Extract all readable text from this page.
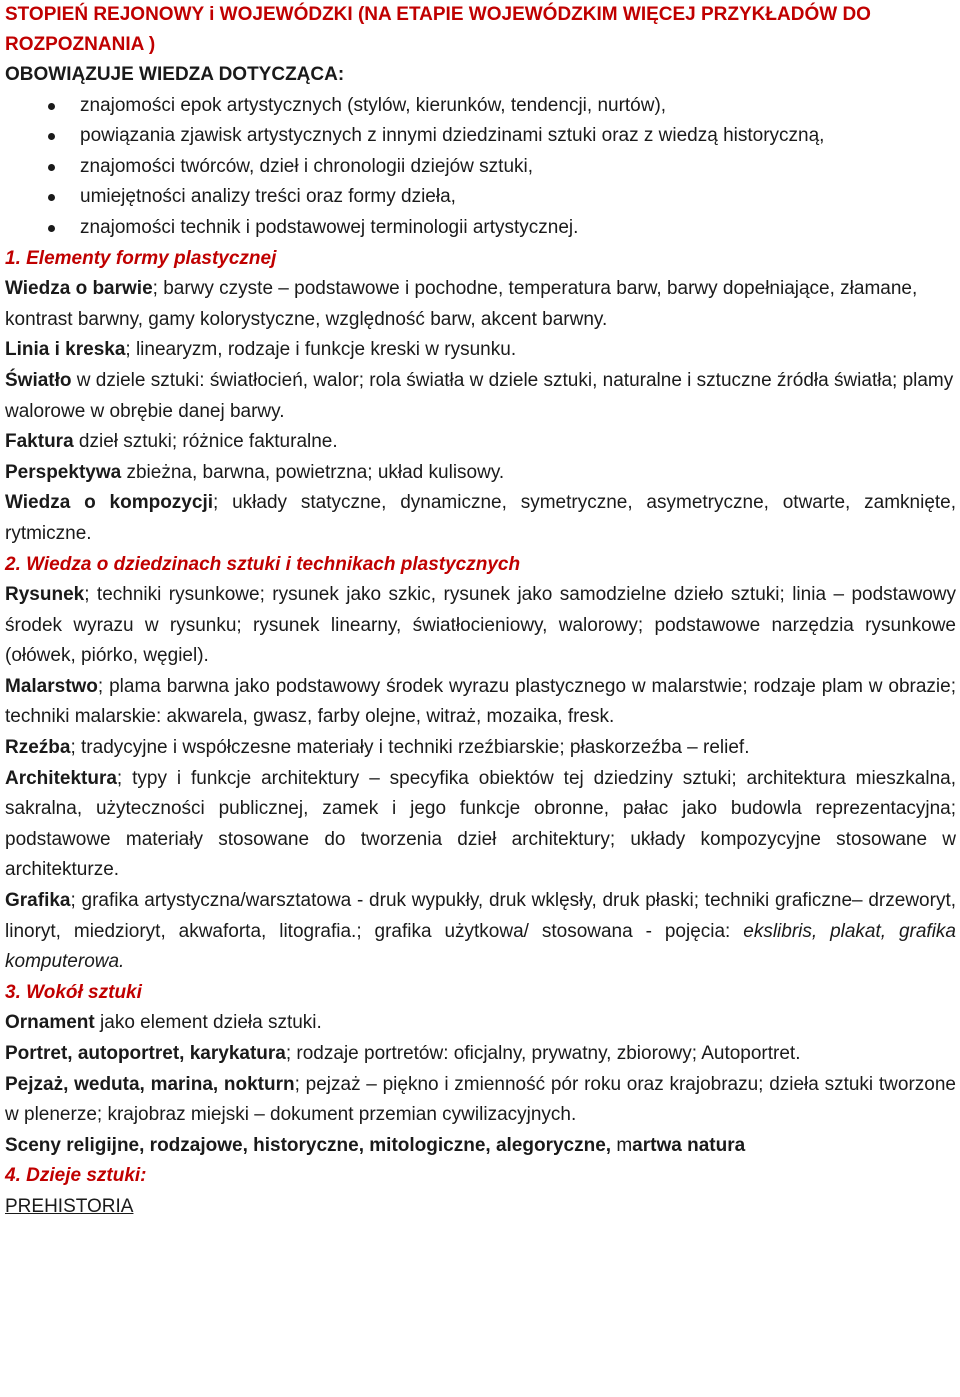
STOPIEŃ REJONOWY i WOJEWÓDZKI (NA ETAPIE WOJEWÓDZKIM WIĘCEJ PRZYKŁADÓW DO ROZPOZNANIA )

OBOWIĄZUJE WIEDZA DOTYCZĄCA:

znajomości epok artystycznych (stylów, kierunków, tendencji, nurtów),
powiązania zjawisk artystycznych z innymi dziedzinami sztuki oraz z wiedzą historyczną,
znajomości twórców, dzieł i chronologii dziejów sztuki,
umiejętności analizy treści oraz formy dzieła,
znajomości technik i podstawowej terminologii artystycznej.

1. Elementy formy plastycznej

Wiedza o barwie; barwy czyste – podstawowe i pochodne, temperatura barw, barwy dopełniające, złamane, kontrast barwny, gamy kolorystyczne, względność barw, akcent barwny.

Linia i kreska; linearyzm, rodzaje i funkcje kreski w rysunku.

Światło w dziele sztuki: światłocień, walor; rola światła w dziele sztuki, naturalne i sztuczne źródła światła; plamy walorowe w obrębie danej barwy.

Faktura dzieł sztuki; różnice fakturalne.

Perspektywa zbieżna, barwna, powietrzna; układ kulisowy.

Wiedza o kompozycji; układy statyczne, dynamiczne, symetryczne, asymetryczne, otwarte, zamknięte, rytmiczne.

2. Wiedza o dziedzinach sztuki i technikach plastycznych

Rysunek; techniki rysunkowe; rysunek jako szkic, rysunek jako samodzielne dzieło sztuki; linia – podstawowy środek wyrazu w rysunku; rysunek linearny, światłocieniowy, walorowy; podstawowe narzędzia rysunkowe (ołówek, piórko, węgiel).

Malarstwo; plama barwna jako podstawowy środek wyrazu plastycznego w malarstwie; rodzaje plam w obrazie; techniki malarskie: akwarela, gwasz, farby olejne, witraż, mozaika, fresk.

Rzeźba; tradycyjne i współczesne materiały i techniki rzeźbiarskie; płaskorzeźba – relief.

Architektura; typy i funkcje architektury – specyfika obiektów tej dziedziny sztuki; architektura mieszkalna, sakralna, użyteczności publicznej, zamek i jego funkcje obronne, pałac jako budowla reprezentacyjna; podstawowe materiały stosowane do tworzenia dzieł architektury; układy kompozycyjne stosowane w architekturze.

Grafika; grafika artystyczna/warsztatowa - druk wypukły, druk wklęsły, druk płaski; techniki graficzne– drzeworyt, linoryt, miedzioryt, akwaforta, litografia.; grafika użytkowa/ stosowana - pojęcia: ekslibris, plakat, grafika komputerowa.

3. Wokół sztuki

Ornament jako element dzieła sztuki.

Portret, autoportret, karykatura; rodzaje portretów: oficjalny, prywatny, zbiorowy; Autoportret.

Pejzaż, weduta, marina, nokturn; pejzaż – piękno i zmienność pór roku oraz krajobrazu; dzieła sztuki tworzone w plenerze; krajobraz miejski – dokument przemian cywilizacyjnych.

Sceny religijne, rodzajowe, historyczne, mitologiczne, alegoryczne, martwa natura

4. Dzieje sztuki:

PREHISTORIA
